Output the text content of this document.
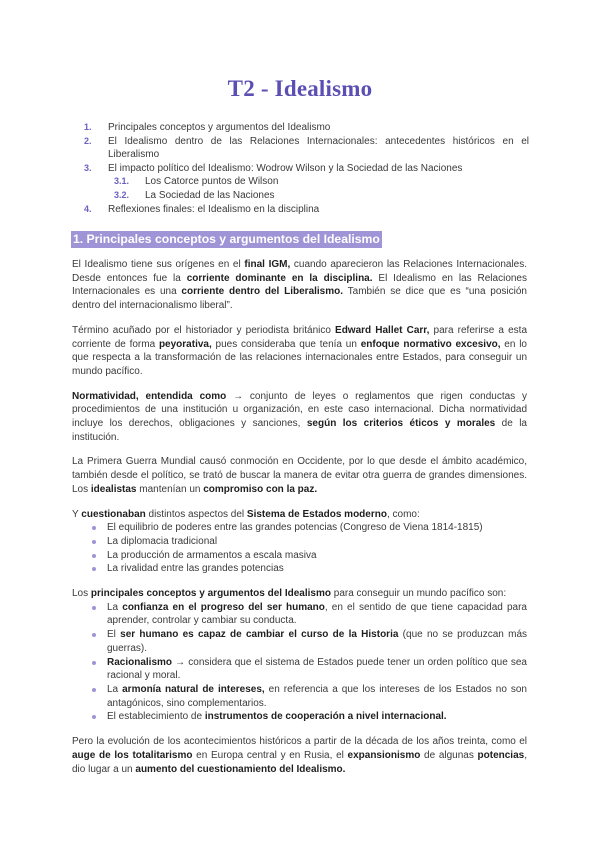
T2 - Idealismo
1. Principales conceptos y argumentos del Idealismo
2. El Idealismo dentro de las Relaciones Internacionales: antecedentes históricos en el Liberalismo
3. El impacto político del Idealismo: Wodrow Wilson y la Sociedad de las Naciones
3.1. Los Catorce puntos de Wilson
3.2. La Sociedad de las Naciones
4. Reflexiones finales: el Idealismo en la disciplina
1. Principales conceptos y argumentos del Idealismo

El Idealismo tiene sus orígenes en el final IGM, cuando aparecieron las Relaciones Internacionales. Desde entonces fue la corriente dominante en la disciplina. El Idealismo en las Relaciones Internacionales es una corriente dentro del Liberalismo. También se dice que es “una posición dentro del internacionalismo liberal”.

Término acuñado por el historiador y periodista británico Edward Hallet Carr, para referirse a esta corriente de forma peyorativa, pues consideraba que tenía un enfoque normativo excesivo, en lo que respecta a la transformación de las relaciones internacionales entre Estados, para conseguir un mundo pacífico.

Normatividad, entendida como → conjunto de leyes o reglamentos que rigen conductas y procedimientos de una institución u organización, en este caso internacional. Dicha normatividad incluye los derechos, obligaciones y sanciones, según los criterios éticos y morales de la institución.

La Primera Guerra Mundial causó conmoción en Occidente, por lo que desde el ámbito académico, también desde el político, se trató de buscar la manera de evitar otra guerra de grandes dimensiones. Los idealistas mantenían un compromiso con la paz.

Y cuestionaban distintos aspectos del Sistema de Estados moderno, como:

El equilibrio de poderes entre las grandes potencias (Congreso de Viena 1814-1815)
La diplomacia tradicional
La producción de armamentos a escala masiva
La rivalidad entre las grandes potencias

Los principales conceptos y argumentos del Idealismo para conseguir un mundo pacífico son:

La confianza en el progreso del ser humano, en el sentido de que tiene capacidad para aprender, controlar y cambiar su conducta.
El ser humano es capaz de cambiar el curso de la Historia (que no se produzcan más guerras).
Racionalismo → considera que el sistema de Estados puede tener un orden político que sea racional y moral.
La armonía natural de intereses, en referencia a que los intereses de los Estados no son antagónicos, sino complementarios.
El establecimiento de instrumentos de cooperación a nivel internacional.

Pero la evolución de los acontecimientos históricos a partir de la década de los años treinta, como el auge de los totalitarismo en Europa central y en Rusia, el expansionismo de algunas potencias, dio lugar a un aumento del cuestionamiento del Idealismo.
